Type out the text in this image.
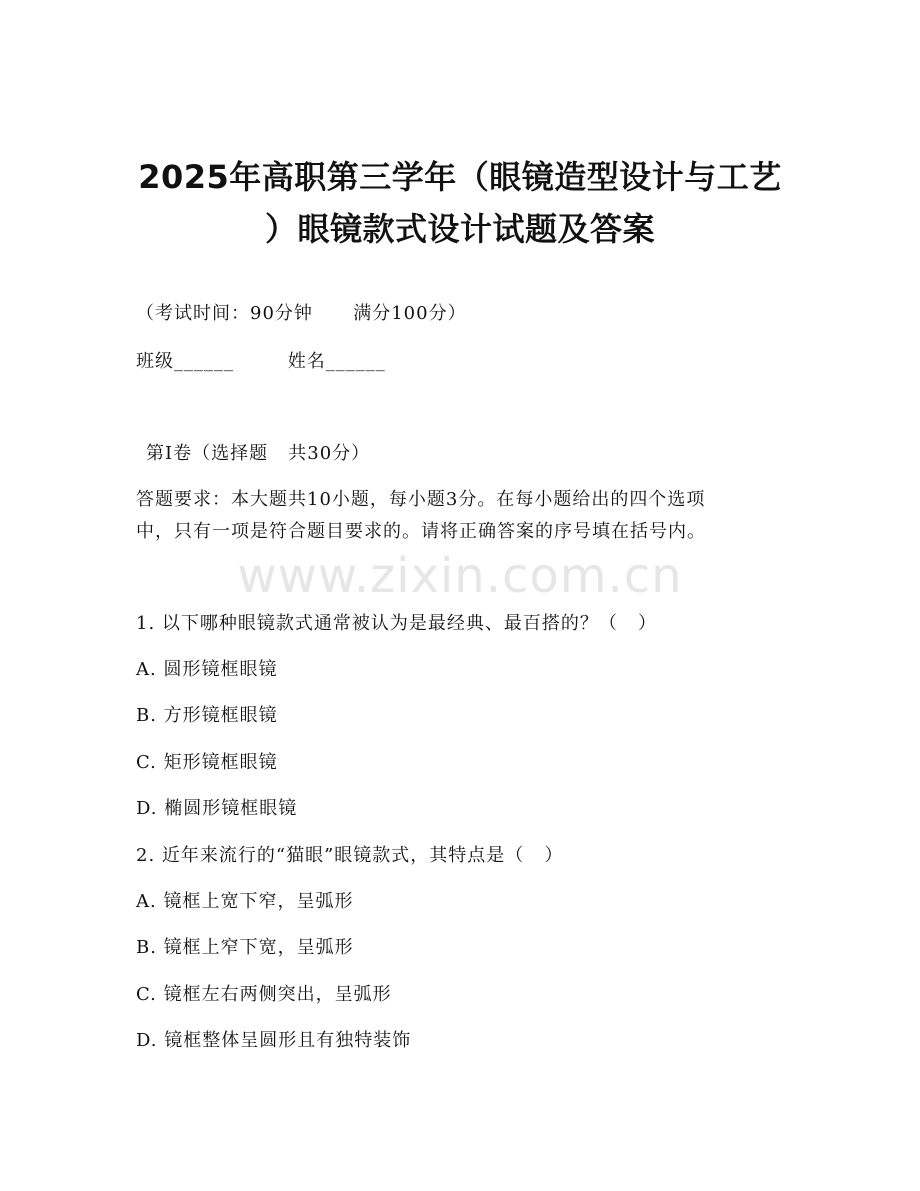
2025年高职第三学年（眼镜造型设计与工艺
）眼镜款式设计试题及答案
（考试时间：90分钟      满分100分）
班级______        姓名______
第I卷（选择题   共30分）
答题要求：本大题共10小题，每小题3分。在每小题给出的四个选项
中，只有一项是符合题目要求的。请将正确答案的序号填在括号内。
www.zixin.com.cn
1. 以下哪种眼镜款式通常被认为是最经典、最百搭的？（   ）
A. 圆形镜框眼镜
B. 方形镜框眼镜
C. 矩形镜框眼镜
D. 椭圆形镜框眼镜
2. 近年来流行的“猫眼”眼镜款式，其特点是（   ）
A. 镜框上宽下窄，呈弧形
B. 镜框上窄下宽，呈弧形
C. 镜框左右两侧突出，呈弧形
D. 镜框整体呈圆形且有独特装饰
